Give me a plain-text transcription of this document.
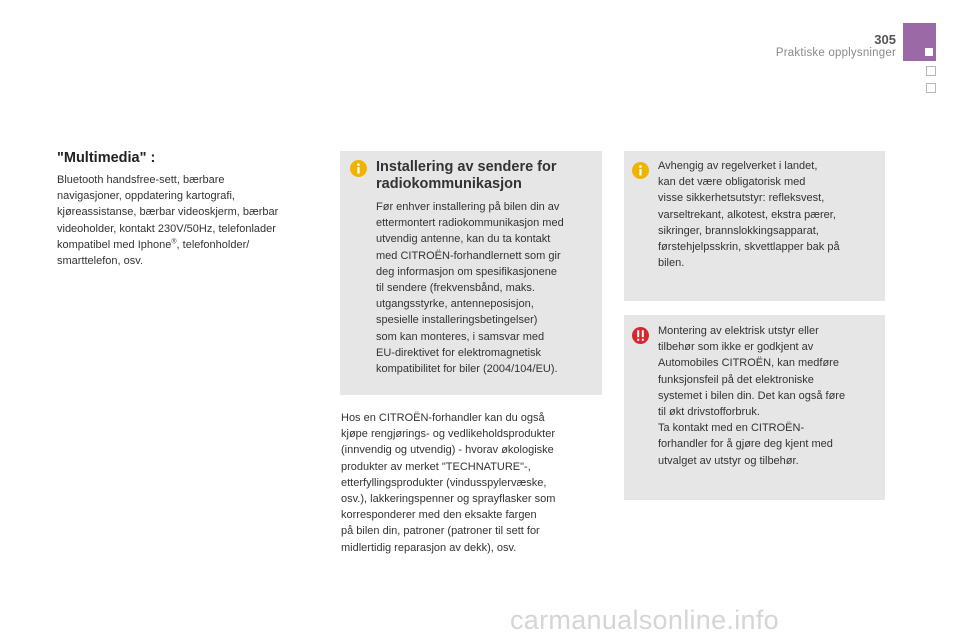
305
Praktiske opplysninger
"Multimedia" :
Bluetooth handsfree-sett, bærbare
navigasjoner, oppdatering kartografi,
kjøreassistanse, bærbar videoskjerm, bærbar
videoholder, kontakt 230V/50Hz, telefonlader
kompatibel med Iphone®, telefonholder/
smarttelefon, osv.
Installering av sendere for
radiokommunikasjon
Før enhver installering på bilen din av
ettermontert radiokommunikasjon med
utvendig antenne, kan du ta kontakt
med CITROËN-forhandlernett som gir
deg informasjon om spesifikasjonene
til sendere (frekvensbånd, maks.
utgangsstyrke, antenneposisjon,
spesielle installeringsbetingelser)
som kan monteres, i samsvar med
EU-direktivet for elektromagnetisk
kompatibilitet for biler (2004/104/EU).
Hos en CITROËN-forhandler kan du også
kjøpe rengjørings- og vedlikeholdsprodukter
(innvendig og utvendig) - hvorav økologiske
produkter av merket "TECHNATURE"-,
etterfyllingsprodukter (vindusspylervæske,
osv.), lakkeringspenner og sprayflasker som
korresponderer med den eksakte fargen
på bilen din, patroner (patroner til sett for
midlertidig reparasjon av dekk), osv.
Avhengig av regelverket i landet,
kan det være obligatorisk med
visse sikkerhetsutstyr: refleksvest,
varseltrekant, alkotest, ekstra pærer,
sikringer, brannslokkingsapparat,
førstehjelpsskrin, skvettlapper bak på
bilen.
Montering av elektrisk utstyr eller
tilbehør som ikke er godkjent av
Automobiles CITROËN, kan medføre
funksjonsfeil på det elektroniske
systemet i bilen din. Det kan også føre
til økt drivstofforbruk.
Ta kontakt med en CITROËN-
forhandler for å gjøre deg kjent med
utvalget av utstyr og tilbehør.
carmanualsonline.info
